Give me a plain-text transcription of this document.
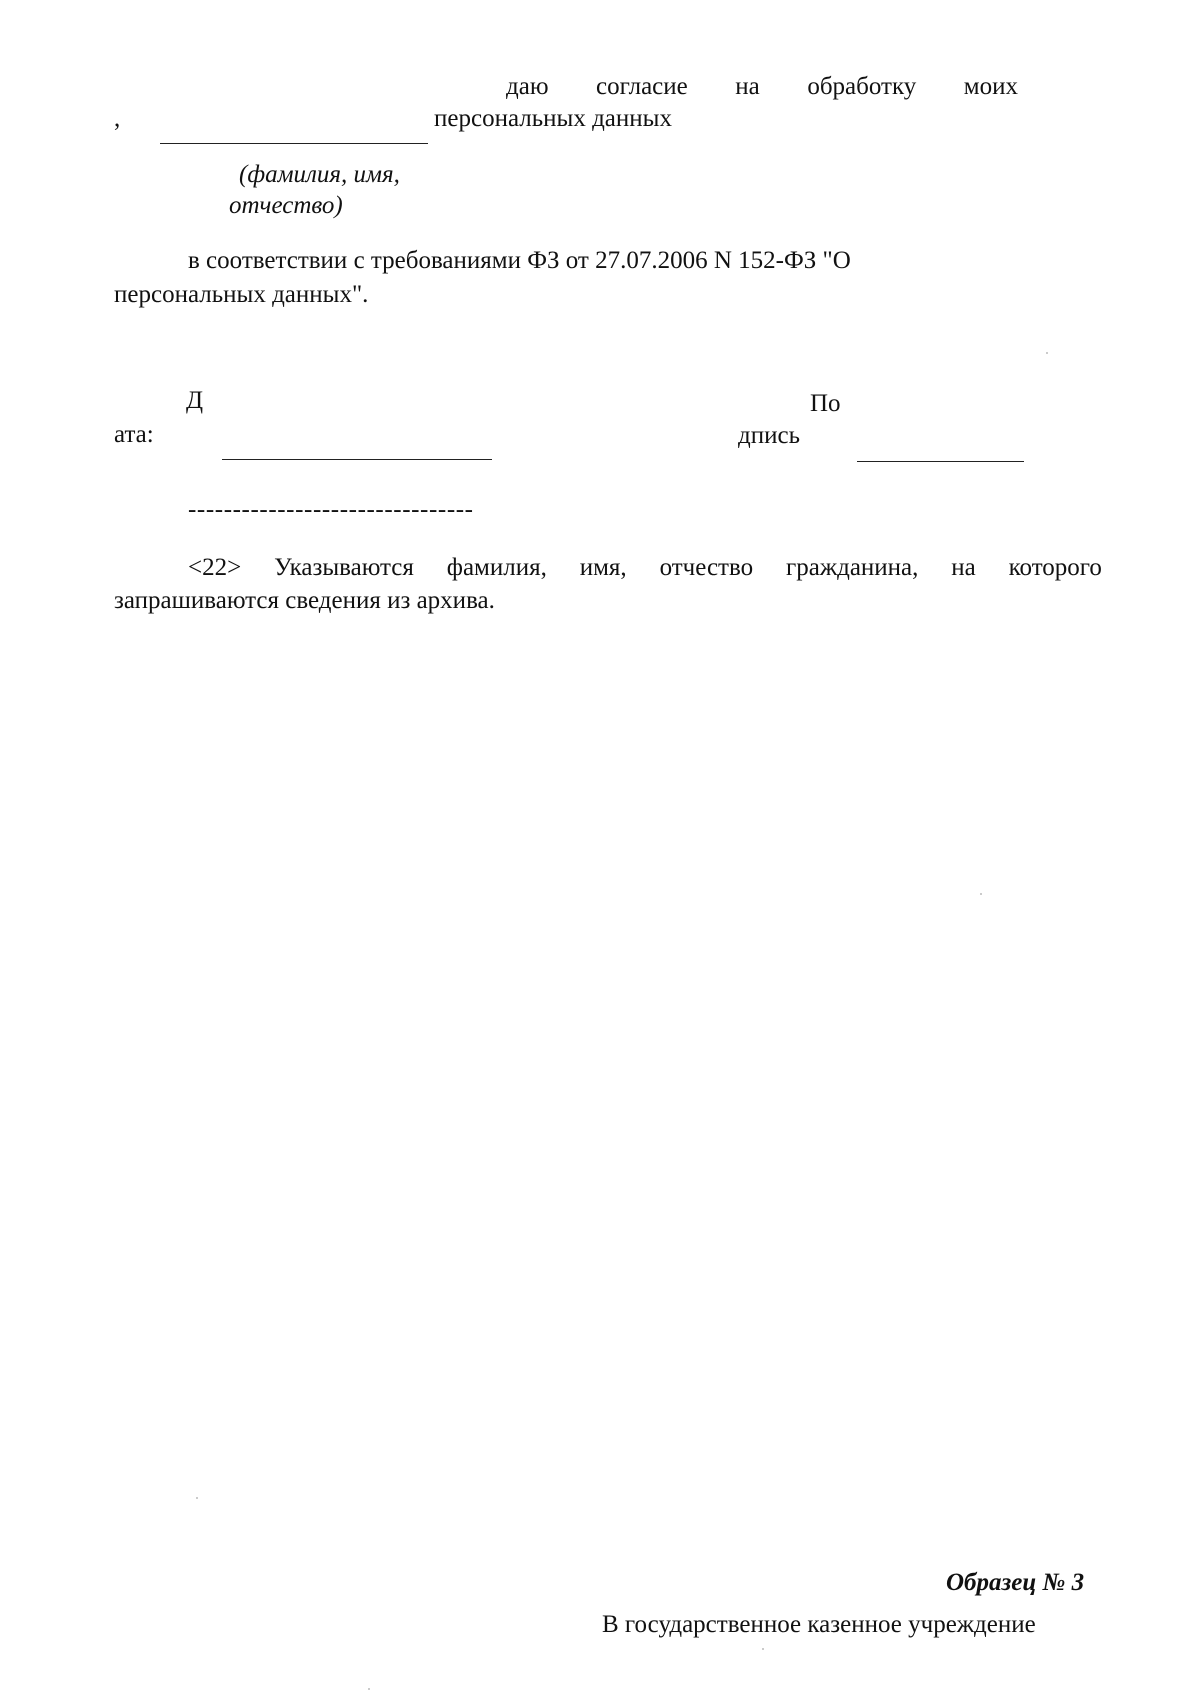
даю согласие на обработку моих
,	персональных данных
(фамилия, имя,
отчество)
в соответствии с требованиями ФЗ от 27.07.2006 N 152-ФЗ "О
персональных данных".
Д
ата:
По
дпись
--------------------------------
<22> Указываются фамилия, имя, отчество гражданина, на которого
запрашиваются сведения из архива.
Образец № 3
В государственное казенное учреждение
